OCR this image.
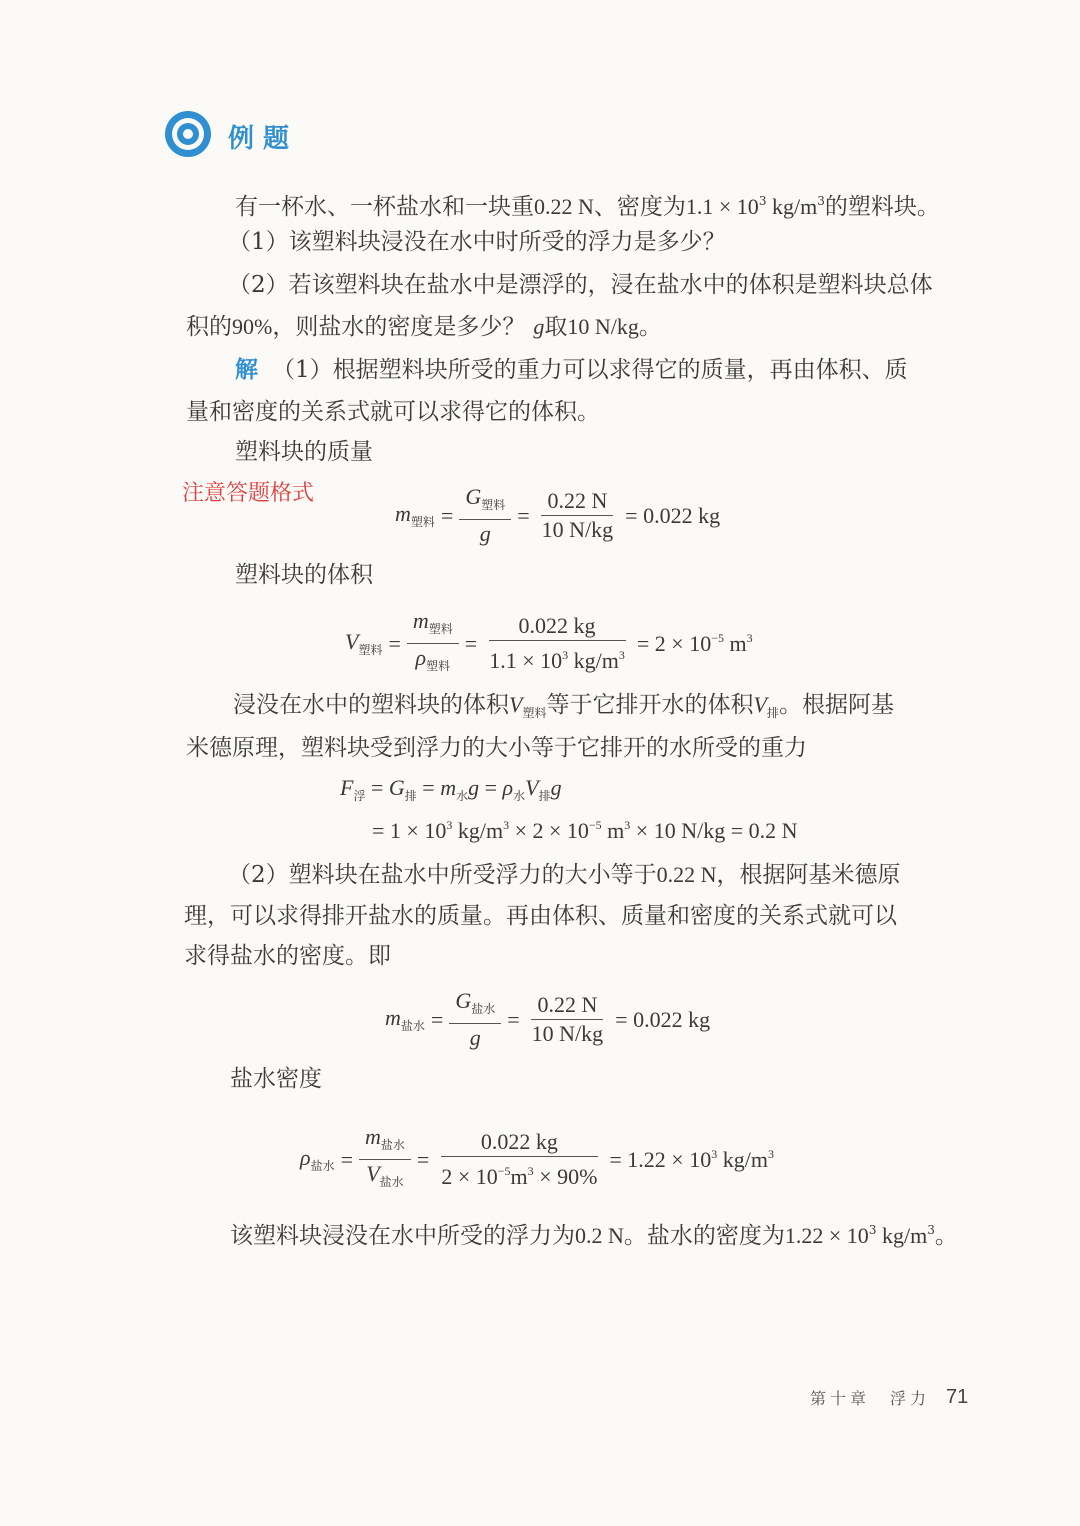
例 题
有一杯水、一杯盐水和一块重0.22 N、密度为$1.1 \times 10^3$ $kg/m^3$的塑料块。
（1）该塑料块浸没在水中时所受的浮力是多少？
（2）若该塑料块在盐水中是漂浮的，浸在盐水中的体积是塑料块总体
积的90%，则盐水的密度是多少？ g取10 N/kg。
解 （1）根据塑料块所受的重力可以求得它的质量，再由体积、质
量和密度的关系式就可以求得它的体积。
塑料块的质量
注意答题格式
$m_{塑料} = \frac{G_{塑料}}{g} = \frac{0.22 N}{10 N/kg} = 0.022$ kg
塑料块的体积
$V_{塑料} = \frac{m_{塑料}}{\rho_{塑料}} = \frac{0.022 kg}{1.1 \times 10^3 kg/m^3} = 2 \times 10^{-5}$ $m^3$
浸没在水中的塑料块的体积$V_{塑料}$等于它排开水的体积$V_排$。根据阿基
米德原理，塑料块受到浮力的大小等于它排开的水所受的重力
$F_浮 = G_排 = m_水g = \rho_水V_排g$
= $1 \times 10^3$ $kg/m^3 \times 2 \times 10^{-5}$ $m^3 \times 10$ N/kg = 0.2 N
（2）塑料块在盐水中所受浮力的大小等于0.22 N，根据阿基米德原
理，可以求得排开盐水的质量。再由体积、质量和密度的关系式就可以
求得盐水的密度。即
$m_{盐水} = \frac{G_{盐水}}{g} = \frac{0.22 N}{10 N/kg} = 0.022$ kg
盐水密度
$\rho_{盐水} = \frac{m_{盐水}}{V_{盐水}} = \frac{0.022 kg}{2 \times 10^{-5}m^3 \times 90\%} = 1.22 \times 10^3$ $kg/m^3$
该塑料块浸没在水中所受的浮力为0.2 N。盐水的密度为$1.22 \times 10^3$ $kg/m^3$。
第十章　浮力 71
